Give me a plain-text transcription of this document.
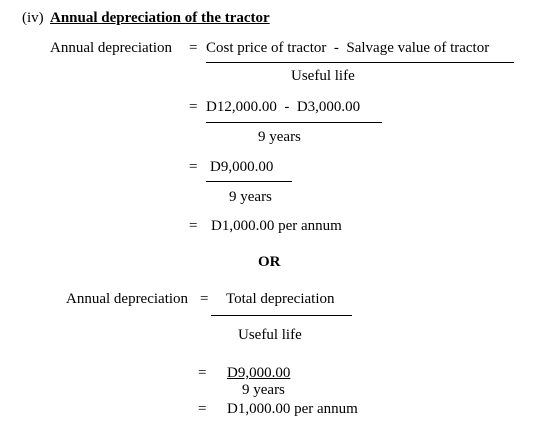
(iv) Annual depreciation of the tractor
Annual depreciation = Cost price of tractor  -  Salvage value of tractor
Useful life
= D12,000.00  -  D3,000.00
9 years
= D9,000.00
9 years
= D1,000.00 per annum
OR
Annual depreciation = Total depreciation
Useful life
= D9,000.00
9 years
= D1,000.00 per annum
